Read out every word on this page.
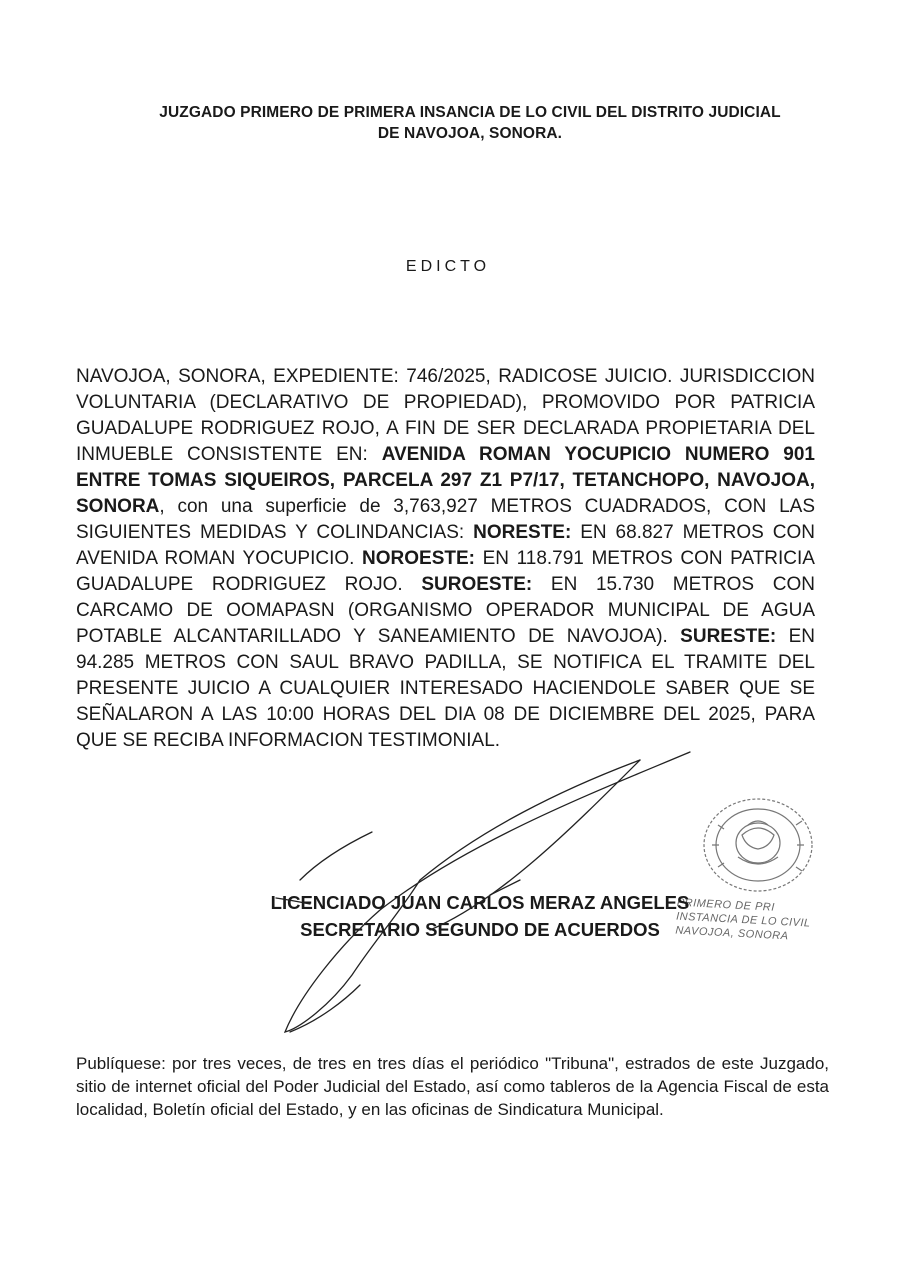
JUZGADO PRIMERO DE PRIMERA INSANCIA DE LO CIVIL DEL DISTRITO JUDICIAL
DE NAVOJOA, SONORA.
EDICTO
NAVOJOA, SONORA, EXPEDIENTE: 746/2025, RADICOSE JUICIO. JURISDICCION VOLUNTARIA (DECLARATIVO DE PROPIEDAD), PROMOVIDO POR PATRICIA GUADALUPE RODRIGUEZ ROJO, A FIN DE SER DECLARADA PROPIETARIA DEL INMUEBLE CONSISTENTE EN: AVENIDA ROMAN YOCUPICIO NUMERO 901 ENTRE TOMAS SIQUEIROS, PARCELA 297 Z1 P7/17, TETANCHOPO, NAVOJOA, SONORA, con una superficie de 3,763,927 METROS CUADRADOS, CON LAS SIGUIENTES MEDIDAS Y COLINDANCIAS: NORESTE: EN 68.827 METROS CON AVENIDA ROMAN YOCUPICIO. NOROESTE: EN 118.791 METROS CON PATRICIA GUADALUPE RODRIGUEZ ROJO. SUROESTE: EN 15.730 METROS CON CARCAMO DE OOMAPASN (ORGANISMO OPERADOR MUNICIPAL DE AGUA POTABLE ALCANTARILLADO Y SANEAMIENTO DE NAVOJOA). SURESTE: EN 94.285 METROS CON SAUL BRAVO PADILLA, SE NOTIFICA EL TRAMITE DEL PRESENTE JUICIO A CUALQUIER INTERESADO HACIENDOLE SABER QUE SE SEÑALARON A LAS 10:00 HORAS DEL DIA 08 DE DICIEMBRE DEL 2025, PARA QUE SE RECIBA INFORMACION TESTIMONIAL.
PRIMERO DE PRI
INSTANCIA DE LO CIVIL
NAVOJOA, SONORA
LICENCIADO JUAN CARLOS MERAZ ANGELES
SECRETARIO SEGUNDO DE ACUERDOS
Publíquese: por tres veces, de tres en tres días el periódico "Tribuna", estrados de este Juzgado, sitio de internet oficial del Poder Judicial del Estado, así como tableros de la Agencia Fiscal de esta localidad, Boletín oficial del Estado, y en las oficinas de Sindicatura Municipal.
